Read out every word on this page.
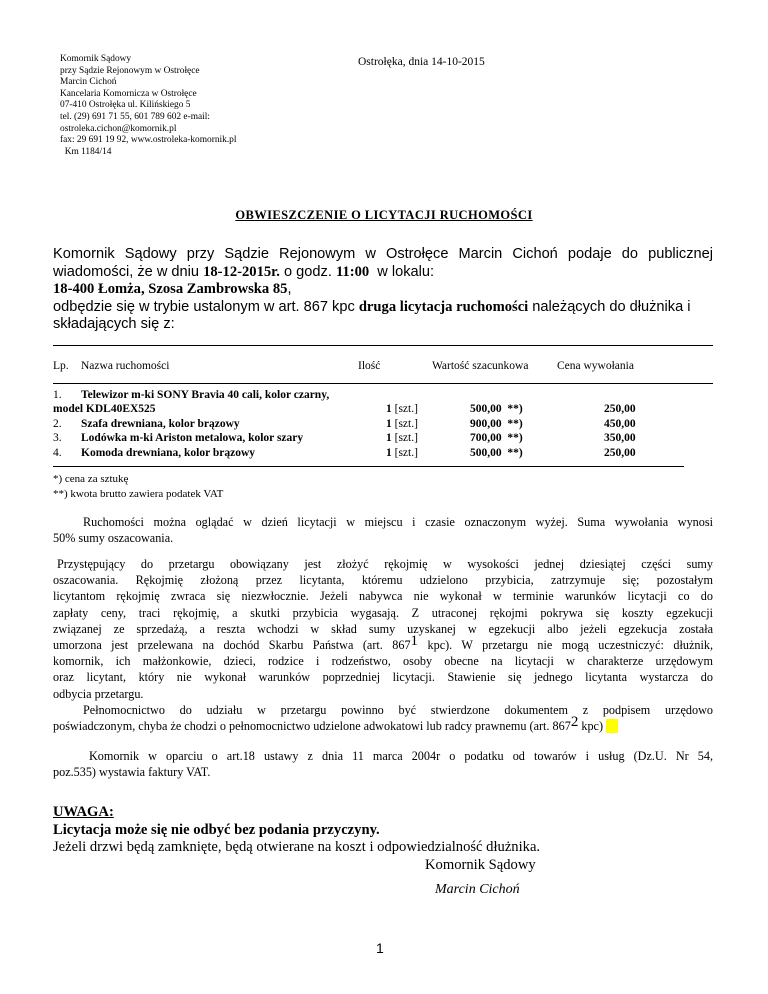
Komornik Sądowy
przy Sądzie Rejonowym w Ostrołęce
Marcin Cichoń
Kancelaria Komornicza w Ostrołęce
07-410 Ostrołęka ul. Kilińskiego 5
tel. (29) 691 71 55, 601 789 602 e-mail:
ostroleka.cichon@komornik.pl
fax: 29 691 19 92, www.ostroleka-komornik.pl
Km 1184/14
Ostrołęka, dnia 14-10-2015
OBWIESZCZENIE O LICYTACJI RUCHOMOŚCI
Komornik Sądowy przy Sądzie Rejonowym w Ostrołęce Marcin Cichoń podaje do publicznej
wiadomości, że w dniu 18-12-2015r. o godz. 11:00  w lokalu:
18-400 Łomża, Szosa Zambrowska 85,
odbędzie się w trybie ustalonym w art. 867 kpc druga licytacja ruchomości należących do dłużnika i
składających się z:
Lp. Nazwa ruchomości	Ilość	Wartość szacunkowa Cena wywołania
1. Telewizor m-ki SONY Bravia 40 cali, kolor czarny,
model KDL40EX525	1 [szt.]	500,00  **)	250,00
2. Szafa drewniana, kolor brązowy	1 [szt.]	900,00  **)	450,00
3. Lodówka m-ki Ariston metalowa, kolor szary	1 [szt.]	700,00  **)	350,00
4. Komoda drewniana, kolor brązowy	1 [szt.]	500,00  **)	250,00
*) cena za sztukę
**) kwota brutto zawiera podatek VAT
Ruchomości można oglądać w dzień licytacji w miejscu i czasie oznaczonym wyżej. Suma wywołania wynosi
50% sumy oszacowania.
Przystępujący do przetargu obowiązany jest złożyć rękojmię w wysokości jednej dziesiątej części sumy
oszacowania. Rękojmię złożoną przez licytanta, któremu udzielono przybicia, zatrzymuje się; pozostałym
licytantom rękojmię zwraca się niezwłocznie. Jeżeli nabywca nie wykonał w terminie warunków licytacji co do
zapłaty ceny, traci rękojmię, a skutki przybicia wygasają. Z utraconej rękojmi pokrywa się koszty egzekucji
związanej ze sprzedażą, a reszta wchodzi w skład sumy uzyskanej w egzekucji albo jeżeli egzekucja została
umorzona jest przelewana na dochód Skarbu Państwa (art. 8671 kpc). W przetargu nie mogą uczestniczyć: dłużnik,
komornik, ich małżonkowie, dzieci, rodzice i rodzeństwo, osoby obecne na licytacji w charakterze urzędowym
oraz licytant, który nie wykonał warunków poprzedniej licytacji. Stawienie się jednego licytanta wystarcza do
odbycia przetargu.
Pełnomocnictwo do udziału w przetargu powinno być stwierdzone dokumentem z podpisem urzędowo
poświadczonym, chyba że chodzi o pełnomocnictwo udzielone adwokatowi lub radcy prawnemu (art. 8672 kpc)
Komornik w oparciu o art.18 ustawy z dnia 11 marca 2004r o podatku od towarów i usług (Dz.U. Nr 54,
poz.535) wystawia faktury VAT.
UWAGA:
Licytacja może się nie odbyć bez podania przyczyny.
Jeżeli drzwi będą zamknięte, będą otwierane na koszt i odpowiedzialność dłużnika.
Komornik Sądowy
Marcin Cichoń
1
